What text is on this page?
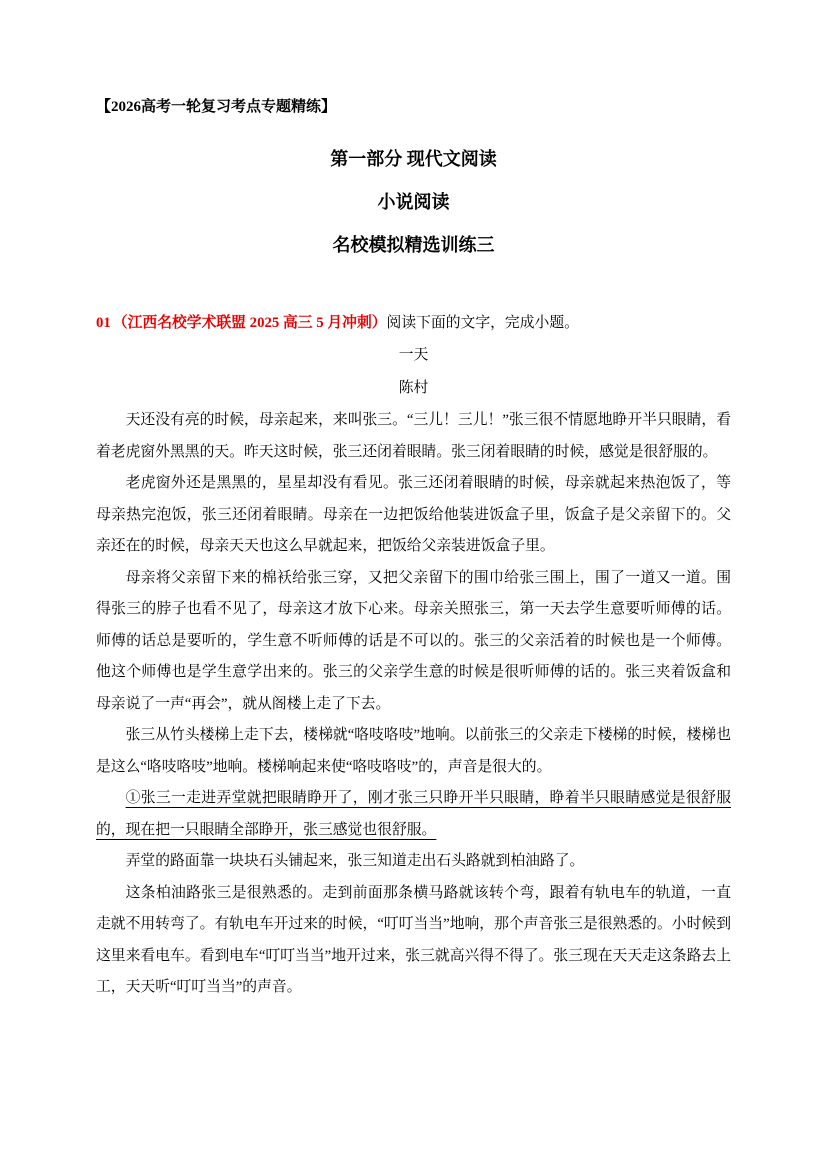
【2026高考一轮复习考点专题精练】
第一部分 现代文阅读
小说阅读
名校模拟精选训练三

01 （江西名校学术联盟 2025 高三 5 月冲刺）阅读下面的文字，完成小题。

一天

陈村

天还没有亮的时候，母亲起来，来叫张三。“三儿！三儿！”张三很不情愿地睁开半只眼睛，看着老虎窗外黑黑的天。昨天这时候，张三还闭着眼睛。张三闭着眼睛的时候，感觉是很舒服的。

老虎窗外还是黑黑的，星星却没有看见。张三还闭着眼睛的时候，母亲就起来热泡饭了，等母亲热完泡饭，张三还闭着眼睛。母亲在一边把饭给他装进饭盒子里，饭盒子是父亲留下的。父亲还在的时候，母亲天天也这么早就起来，把饭给父亲装进饭盒子里。

母亲将父亲留下来的棉袄给张三穿，又把父亲留下的围巾给张三围上，围了一道又一道。围得张三的脖子也看不见了，母亲这才放下心来。母亲关照张三，第一天去学生意要听师傅的话。师傅的话总是要听的，学生意不听师傅的话是不可以的。张三的父亲活着的时候也是一个师傅。他这个师傅也是学生意学出来的。张三的父亲学生意的时候是很听师傅的话的。张三夹着饭盒和母亲说了一声“再会”，就从阁楼上走了下去。

张三从竹头楼梯上走下去，楼梯就“咯吱咯吱”地响。以前张三的父亲走下楼梯的时候，楼梯也是这么“咯吱咯吱”地响。楼梯响起来使“咯吱咯吱”的，声音是很大的。

①张三一走进弄堂就把眼睛睁开了，刚才张三只睁开半只眼睛，睁着半只眼睛感觉是很舒服的，现在把一只眼睛全部睁开，张三感觉也很舒服。

弄堂的路面靠一块块石头铺起来，张三知道走出石头路就到柏油路了。

这条柏油路张三是很熟悉的。走到前面那条横马路就该转个弯，跟着有轨电车的轨道，一直走就不用转弯了。有轨电车开过来的时候，“叮叮当当”地响，那个声音张三是很熟悉的。小时候到这里来看电车。看到电车“叮叮当当”地开过来，张三就高兴得不得了。张三现在天天走这条路去上工，天天听“叮叮当当”的声音。
